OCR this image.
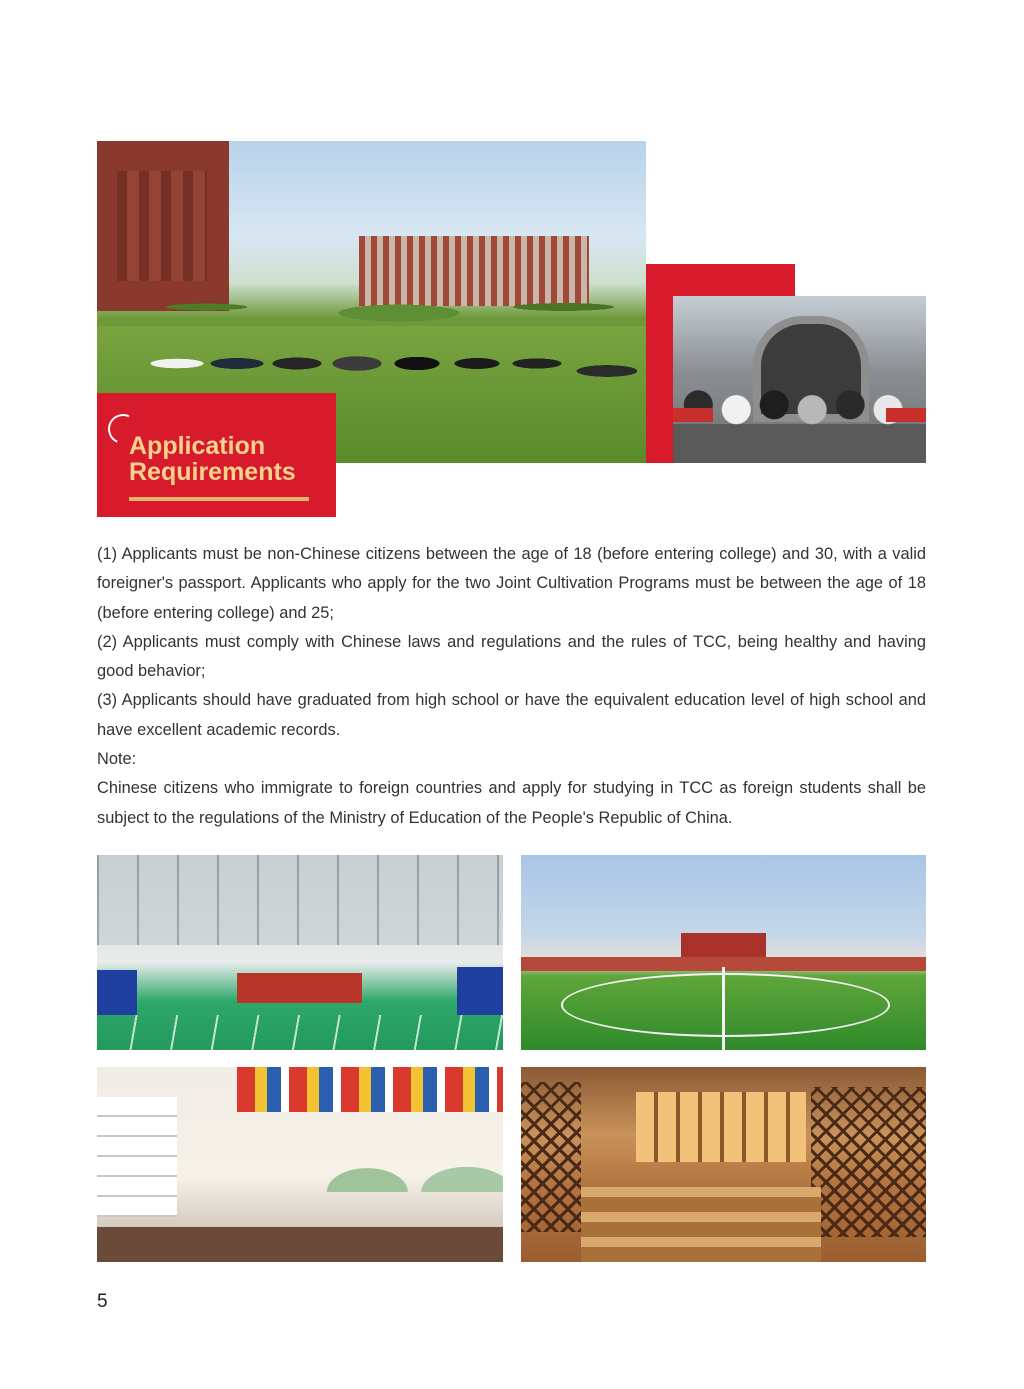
Application
Requirements

(1) Applicants must be non-Chinese citizens between the age of 18 (before entering college) and 30, with a valid foreigner's passport. Applicants who apply for the two Joint Cultivation Programs must be between the age of 18 (before entering college) and 25;

(2) Applicants must comply with Chinese laws and regulations and the rules of TCC, being healthy and having good behavior;

(3) Applicants should have graduated from high school or have the equivalent education level of high school and have excellent academic records.

Note:

Chinese citizens who immigrate to foreign countries and apply for studying in TCC as foreign students shall be subject to the regulations of the Ministry of Education of the People's Republic of China.

5
